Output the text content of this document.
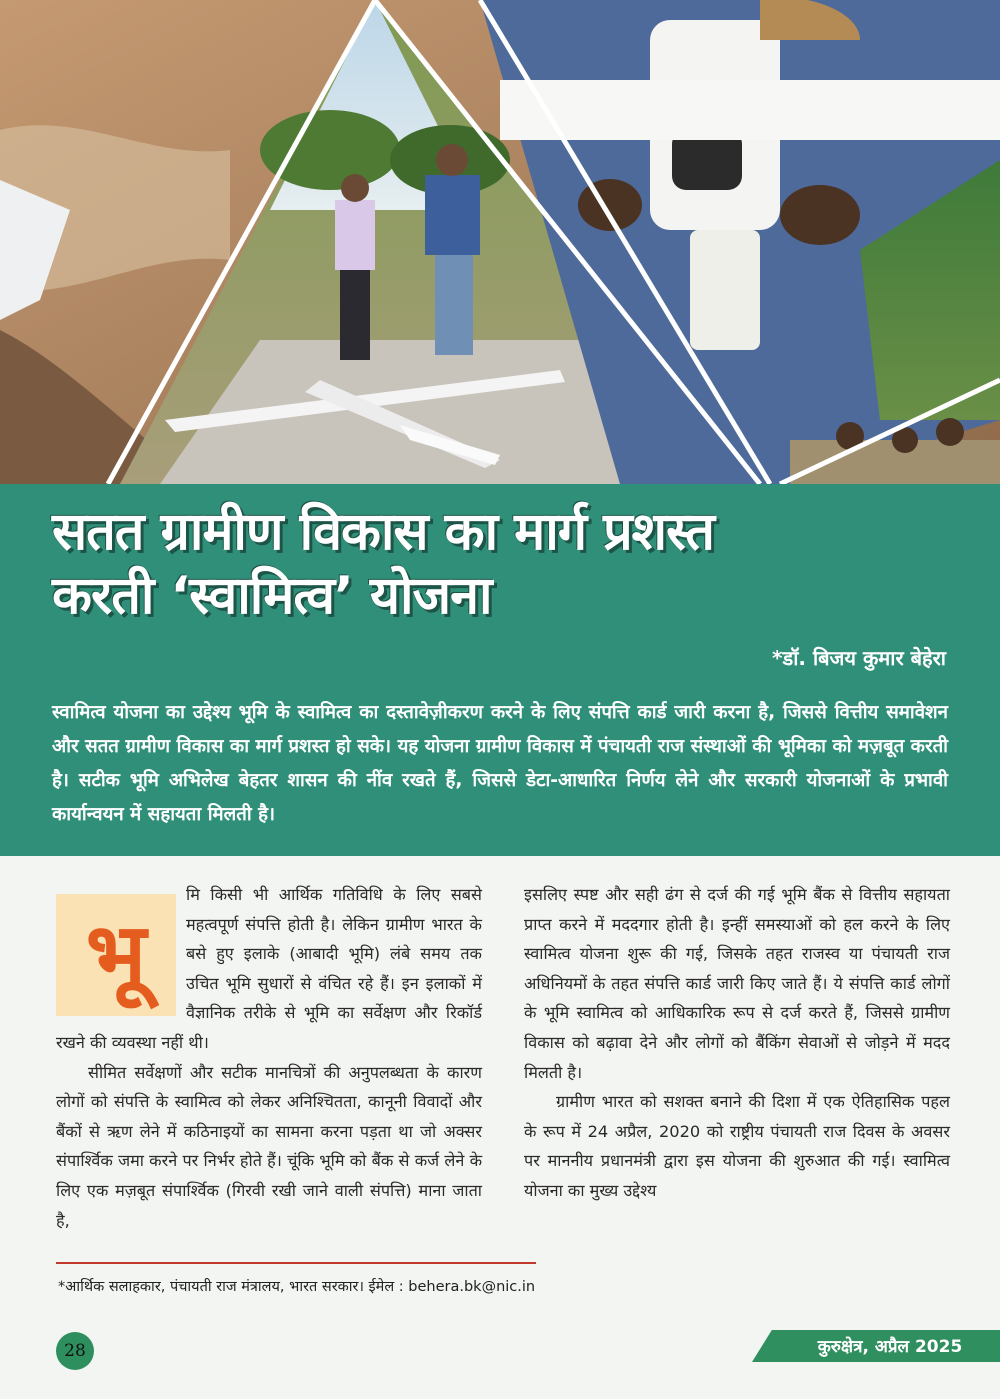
सतत ग्रामीण विकास का मार्ग प्रशस्त
करती ‘स्वामित्व’ योजना
*डॉ. बिजय कुमार बेहेरा
स्वामित्व योजना का उद्देश्य भूमि के स्वामित्व का दस्तावेज़ीकरण करने के लिए संपत्ति कार्ड जारी करना है, जिससे वित्तीय समावेशन और सतत ग्रामीण विकास का मार्ग प्रशस्त हो सके। यह योजना ग्रामीण विकास में पंचायती राज संस्थाओं की भूमिका को मज़बूत करती है। सटीक भूमि अभिलेख बेहतर शासन की नींव रखते हैं, जिससे डेटा-आधारित निर्णय लेने और सरकारी योजनाओं के प्रभावी कार्यान्वयन में सहायता मिलती है।
भू

मि किसी भी आर्थिक गतिविधि के लिए सबसे महत्वपूर्ण संपत्ति होती है। लेकिन ग्रामीण भारत के बसे हुए इलाके (आबादी भूमि) लंबे समय तक उचित भूमि सुधारों से वंचित रहे हैं। इन इलाकों में वैज्ञानिक तरीके से भूमि का सर्वेक्षण और रिकॉर्ड रखने की व्यवस्था नहीं थी।

सीमित सर्वेक्षणों और सटीक मानचित्रों की अनुपलब्धता के कारण लोगों को संपत्ति के स्वामित्व को लेकर अनिश्चितता, कानूनी विवादों और बैंकों से ऋण लेने में कठिनाइयों का सामना करना पड़ता था जो अक्सर संपार्श्विक जमा करने पर निर्भर होते हैं। चूंकि भूमि को बैंक से कर्ज लेने के लिए एक मज़बूत संपार्श्विक (गिरवी रखी जाने वाली संपत्ति) माना जाता है,

इसलिए स्पष्ट और सही ढंग से दर्ज की गई भूमि बैंक से वित्तीय सहायता प्राप्त करने में मददगार होती है। इन्हीं समस्याओं को हल करने के लिए स्वामित्व योजना शुरू की गई, जिसके तहत राजस्व या पंचायती राज अधिनियमों के तहत संपत्ति कार्ड जारी किए जाते हैं। ये संपत्ति कार्ड लोगों के भूमि स्वामित्व को आधिकारिक रूप से दर्ज करते हैं, जिससे ग्रामीण विकास को बढ़ावा देने और लोगों को बैंकिंग सेवाओं से जोड़ने में मदद मिलती है।

ग्रामीण भारत को सशक्त बनाने की दिशा में एक ऐतिहासिक पहल के रूप में 24 अप्रैल, 2020 को राष्ट्रीय पंचायती राज दिवस के अवसर पर माननीय प्रधानमंत्री द्वारा इस योजना की शुरुआत की गई। स्वामित्व योजना का मुख्य उद्देश्य

*आर्थिक सलाहकार, पंचायती राज मंत्रालय, भारत सरकार। ईमेल : behera.bk@nic.in
28	कुरुक्षेत्र, अप्रैल 2025
